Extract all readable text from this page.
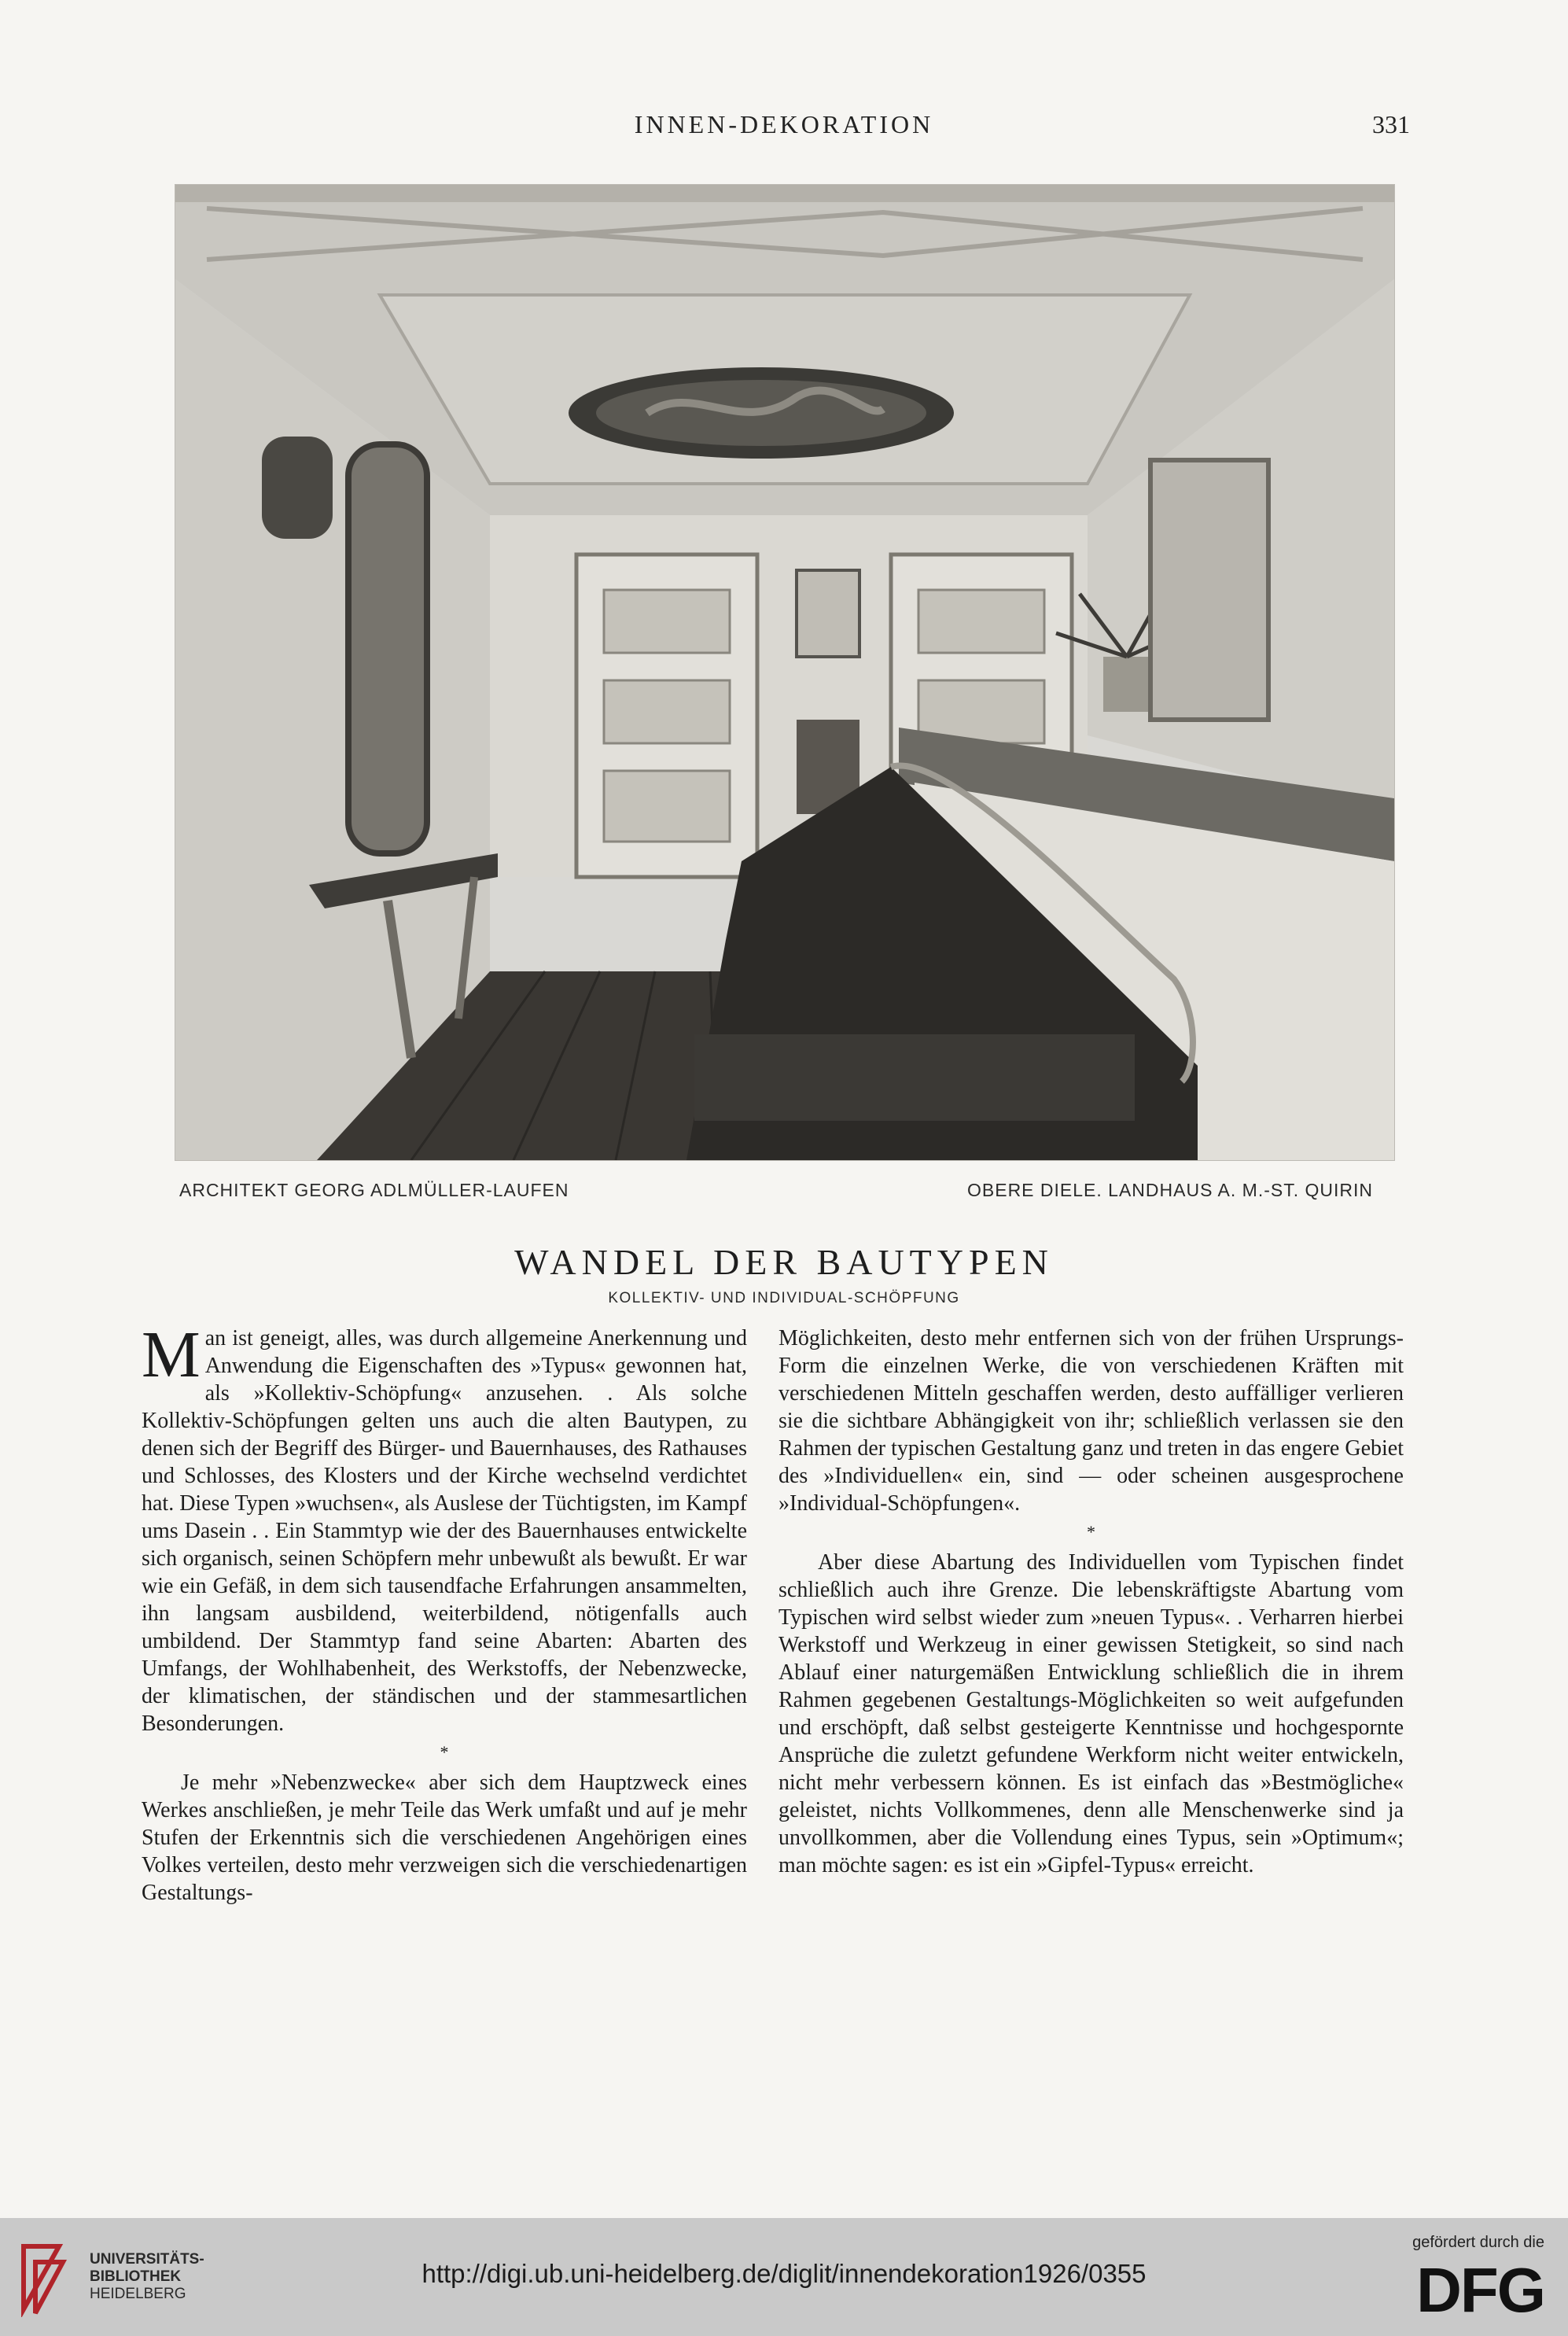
INNEN-DEKORATION	331
ARCHITEKT GEORG ADLMÜLLER-LAUFEN	OBERE DIELE. LANDHAUS A. M.-ST. QUIRIN
WANDEL DER BAUTYPEN
KOLLEKTIV- UND INDIVIDUAL-SCHÖPFUNG

Man ist geneigt, alles, was durch allgemeine Anerkennung und Anwendung die Eigenschaften des »Typus« gewonnen hat, als »Kollektiv-Schöpfung« anzusehen. . Als solche Kollektiv-Schöpfungen gelten uns auch die alten Bautypen, zu denen sich der Begriff des Bürger- und Bauernhauses, des Rathauses und Schlosses, des Klosters und der Kirche wechselnd verdichtet hat. Diese Typen »wuchsen«, als Auslese der Tüchtigsten, im Kampf ums Dasein . . Ein Stammtyp wie der des Bauernhauses entwickelte sich organisch, seinen Schöpfern mehr unbewußt als bewußt. Er war wie ein Gefäß, in dem sich tausendfache Erfahrungen ansammelten, ihn langsam ausbildend, weiterbildend, nötigenfalls auch umbildend. Der Stammtyp fand seine Abarten: Abarten des Umfangs, der Wohlhabenheit, des Werkstoffs, der Nebenzwecke, der klimatischen, der ständischen und der stammesartlichen Besonderungen.

*

Je mehr »Nebenzwecke« aber sich dem Hauptzweck eines Werkes anschließen, je mehr Teile das Werk umfaßt und auf je mehr Stufen der Erkenntnis sich die verschiedenen Angehörigen eines Volkes verteilen, desto mehr verzweigen sich die verschiedenartigen Gestaltungs-

Möglichkeiten, desto mehr entfernen sich von der frühen Ursprungs-Form die einzelnen Werke, die von verschiedenen Kräften mit verschiedenen Mitteln geschaffen werden, desto auffälliger verlieren sie die sichtbare Abhängigkeit von ihr; schließlich verlassen sie den Rahmen der typischen Gestaltung ganz und treten in das engere Gebiet des »Individuellen« ein, sind — oder scheinen ausgesprochene »Individual-Schöpfungen«.

*

Aber diese Abartung des Individuellen vom Typischen findet schließlich auch ihre Grenze. Die lebenskräftigste Abartung vom Typischen wird selbst wieder zum »neuen Typus«. . Verharren hierbei Werkstoff und Werkzeug in einer gewissen Stetigkeit, so sind nach Ablauf einer naturgemäßen Entwicklung schließlich die in ihrem Rahmen gegebenen Gestaltungs-Möglichkeiten so weit aufgefunden und erschöpft, daß selbst gesteigerte Kenntnisse und hochgespornte Ansprüche die zuletzt gefundene Werkform nicht weiter entwickeln, nicht mehr verbessern können. Es ist einfach das »Bestmögliche« geleistet, nichts Vollkommenes, denn alle Menschenwerke sind ja unvollkommen, aber die Vollendung eines Typus, sein »Optimum«; man möchte sagen: es ist ein »Gipfel-Typus« erreicht.

UNIVERSITÄTS-
BIBLIOTHEK
HEIDELBERG
http://digi.ub.uni-heidelberg.de/diglit/innendekoration1926/0355
gefördert durch die
DFG
